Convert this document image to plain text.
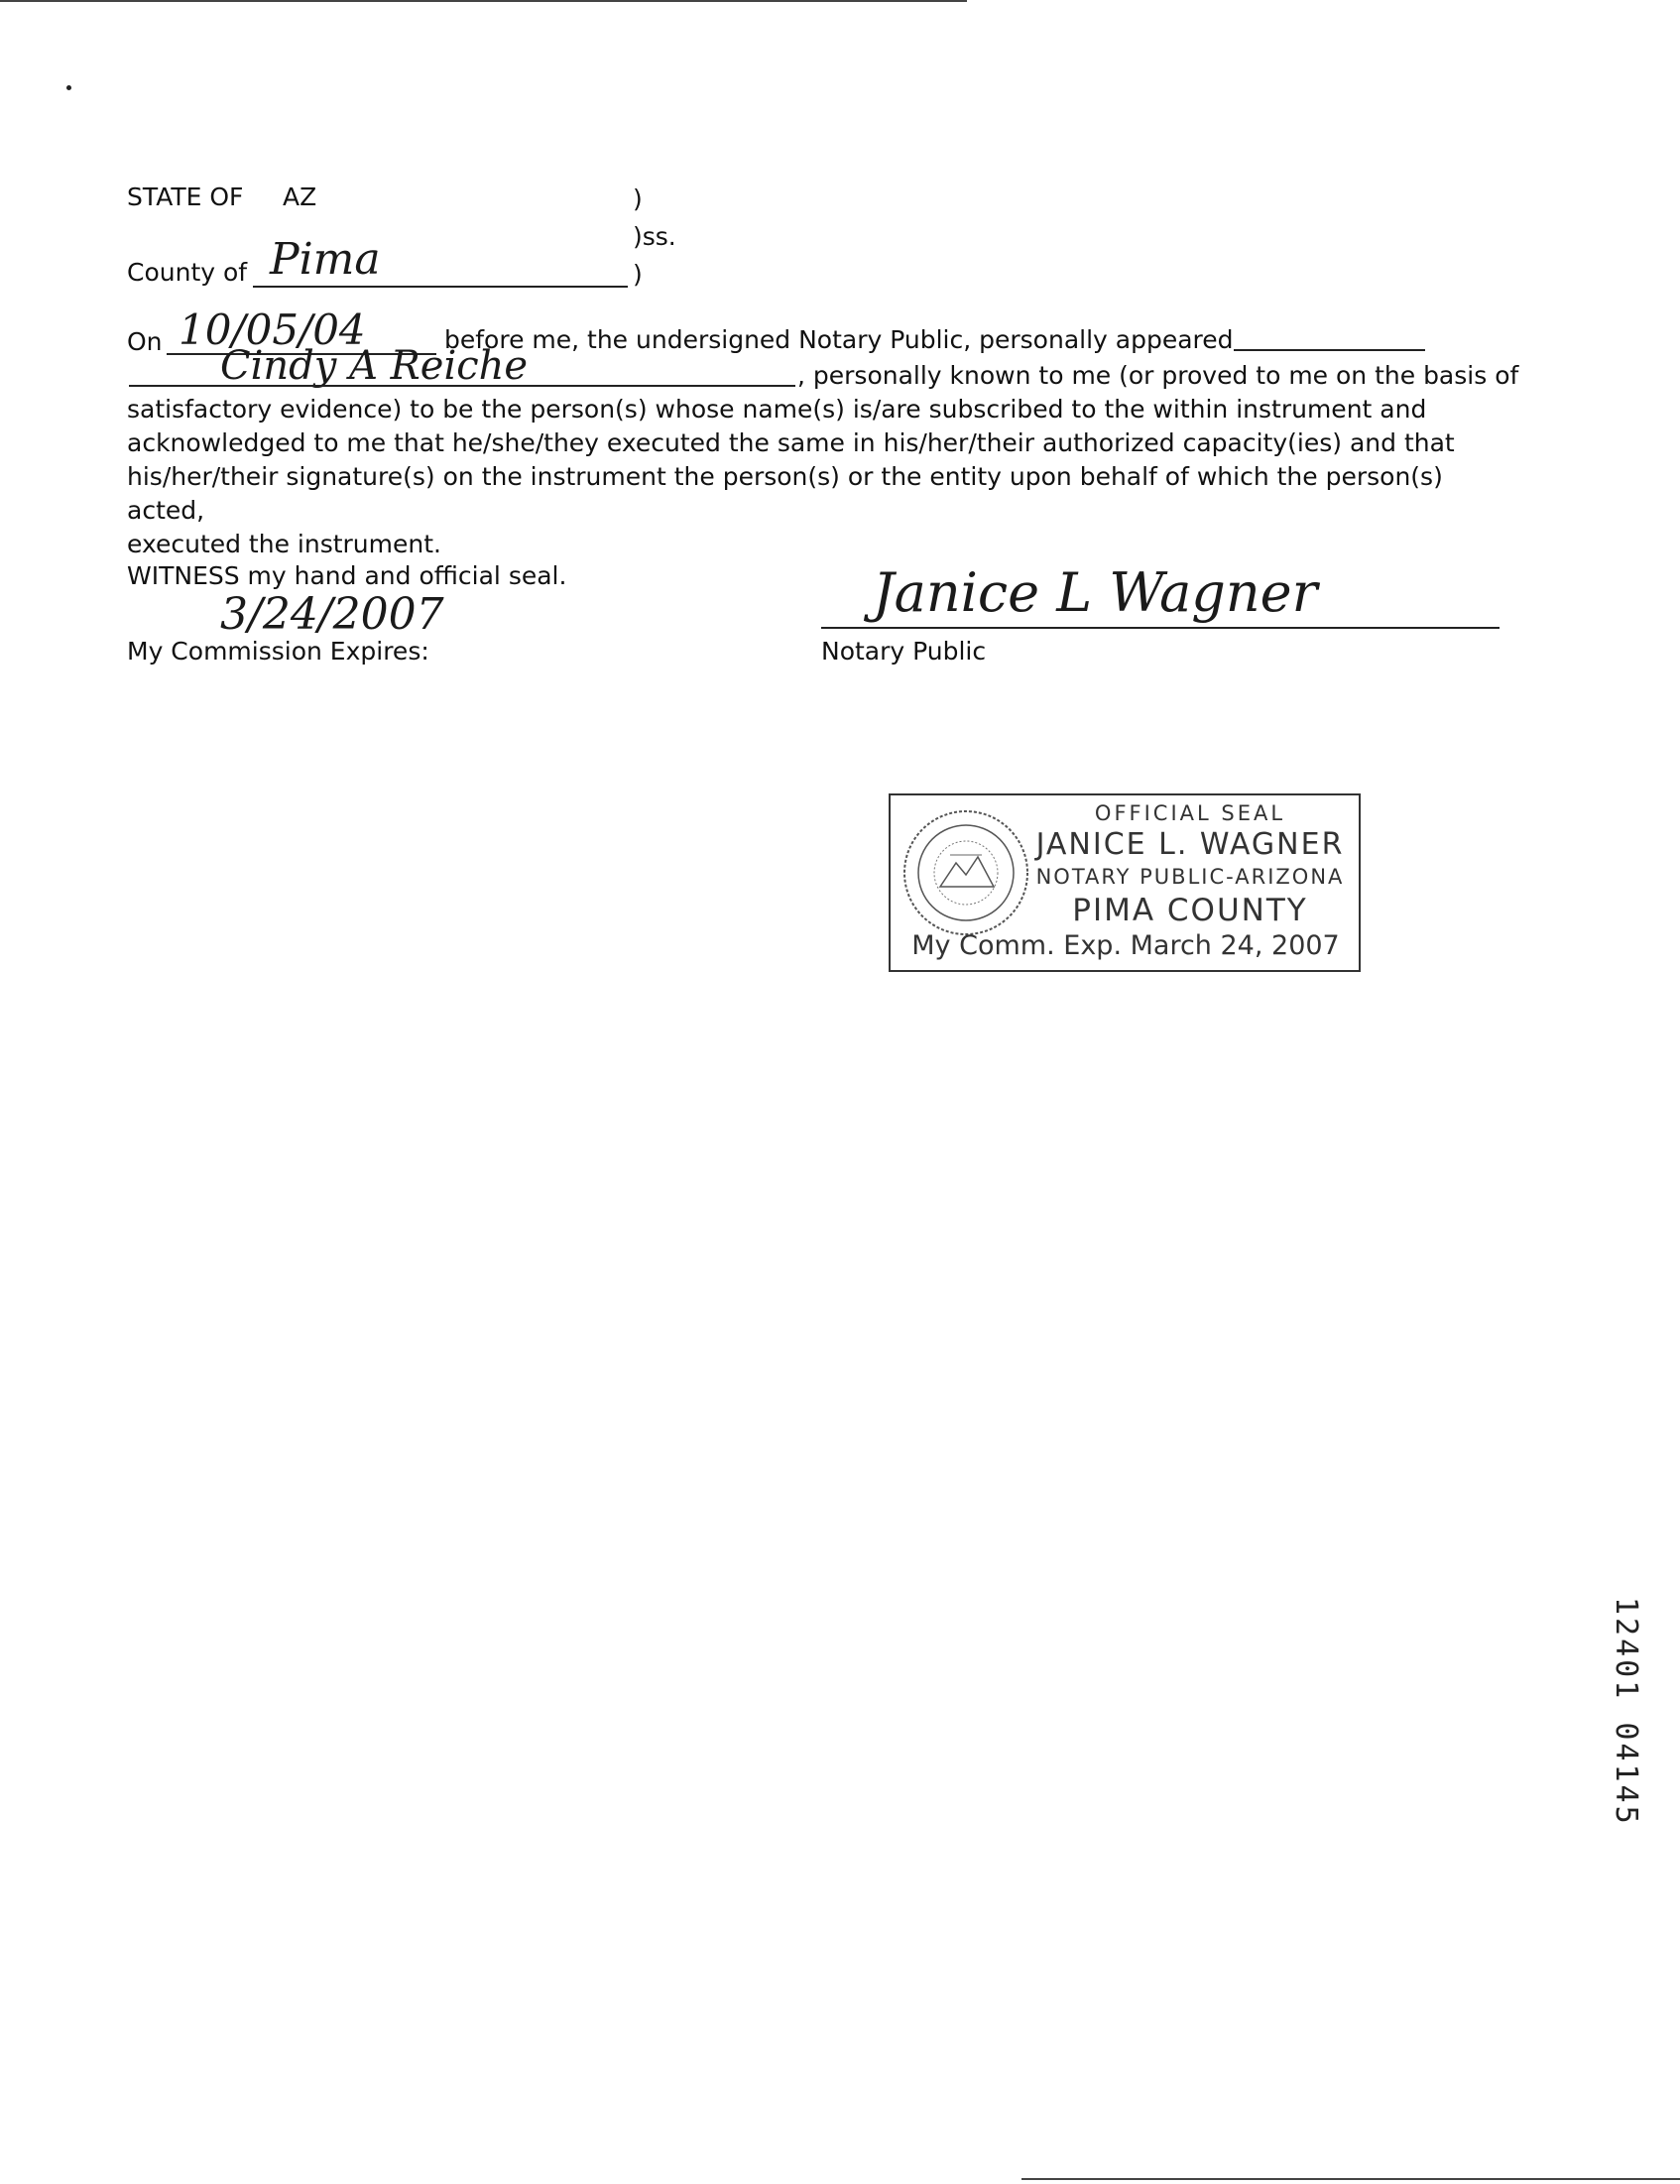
STATE OF AZ	)
)ss.
County of Pima	)
On 10/05/04	before me, the undersigned Notary Public, personally appeared
Cindy A Reiche	, personally known to me (or proved to me on the basis of
satisfactory evidence) to be the person(s) whose name(s) is/are subscribed to the within instrument and
acknowledged to me that he/she/they executed the same in his/her/their authorized capacity(ies) and that
his/her/their signature(s) on the instrument the person(s) or the entity upon behalf of which the person(s) acted,
executed the instrument.
WITNESS my hand and official seal.
3/24/2007
My Commission Expires:
Janice L Wagner
Notary Public
OFFICIAL SEAL
JANICE L. WAGNER
NOTARY PUBLIC-ARIZONA
PIMA COUNTY
My Comm. Exp. March 24, 2007
12401 04145
